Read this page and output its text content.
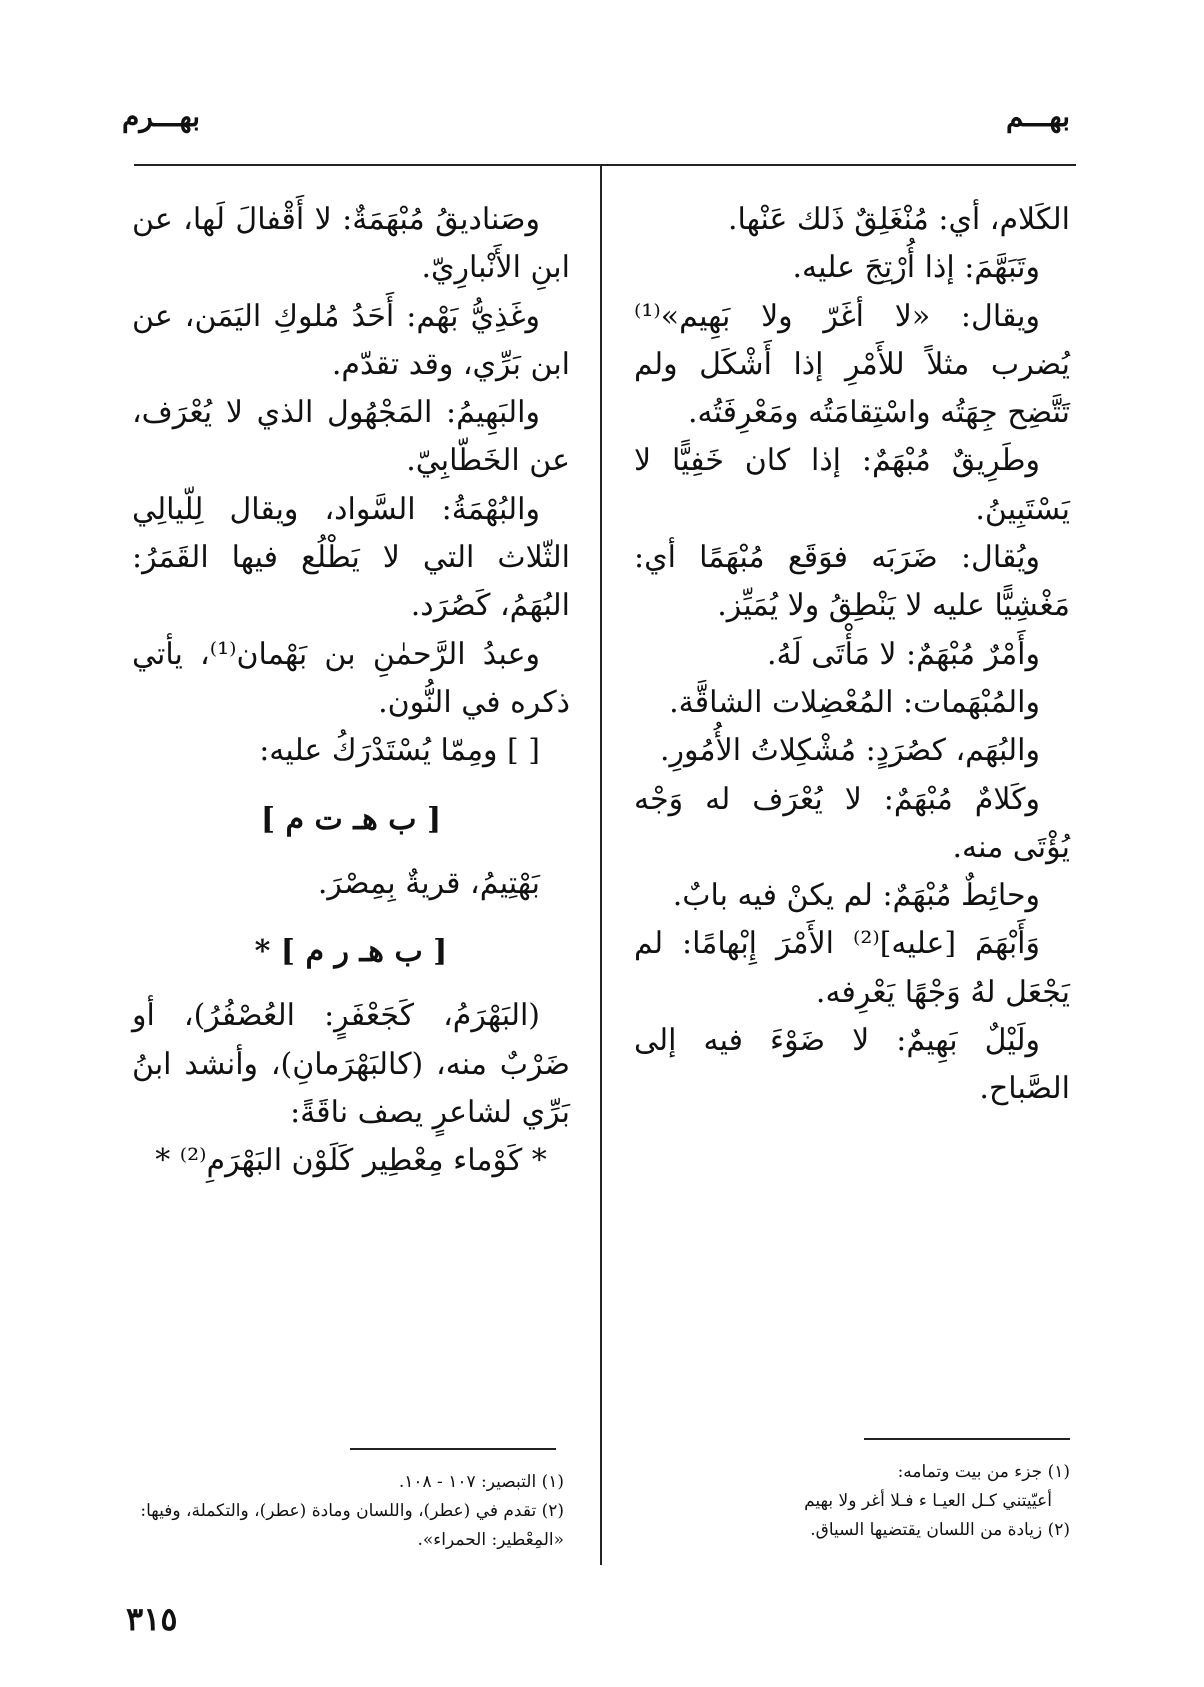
بهـــم
بهـــرم

الكَلام، أي: مُنْغَلِقٌ ذَلك عَنْها.

وتَبَهَّمَ: إذا أُرْتِجَ عليه.

ويقال: «لا أغَرّ ولا بَهِيم»⁽¹⁾ يُضرب مثلاً للأَمْرِ إذا أَشْكَل ولم تَتَّضِح جِهَتُه واسْتِقامَتُه ومَعْرِفَتُه.

وطَرِيقٌ مُبْهَمٌ: إذا كان خَفِيًّا لا يَسْتَبِينُ.

ويُقال: ضَرَبَه فوَقَع مُبْهَمًا أي: مَغْشِيًّا عليه لا يَنْطِقُ ولا يُمَيِّز.

وأَمْرٌ مُبْهَمٌ: لا مَأْتَى لَهُ.

والمُبْهَمات: المُعْضِلات الشاقَّة.

والبُهَم، كصُرَدٍ: مُشْكِلاتُ الأُمُورِ.

وكَلامٌ مُبْهَمٌ: لا يُعْرَف له وَجْه يُؤْتَى منه.

وحائِطٌ مُبْهَمٌ: لم يكنْ فيه بابٌ.

وَأَبْهَمَ [عليه]⁽²⁾ الأَمْرَ إِبْهامًا: لم يَجْعَل لهُ وَجْهًا يَعْرِفه.

ولَيْلٌ بَهِيمٌ: لا ضَوْءَ فيه إلى الصَّباح.

وصَناديقُ مُبْهَمَةٌ: لا أَقْفالَ لَها، عن ابنِ الأَنْبارِيّ.

وغَذِيُّ بَهْم: أَحَدُ مُلوكِ اليَمَن، عن ابن بَرِّي، وقد تقدّم.

والبَهِيمُ: المَجْهُول الذي لا يُعْرَف، عن الخَطّابِيّ.

والبُهْمَةُ: السَّواد، ويقال لِلّيالِي الثّلاث التي لا يَطْلُع فيها القَمَرُ: البُهَمُ، كَصُرَد.

وعبدُ الرَّحمٰنِ بن بَهْمان⁽¹⁾، يأتي ذكره في النُّون.

[ ] ومِمّا يُسْتَدْرَكُ عليه:

[ ب هـ ت م ]

بَهْتِيمُ، قريةٌ بِمِصْرَ.

[ ب هـ ر م ] *

(البَهْرَمُ، كَجَعْفَرٍ: العُصْفُرُ)، أو ضَرْبٌ منه، (كالبَهْرَمانِ)، وأنشد ابنُ بَرِّي لشاعرٍ يصف ناقَةً:

* كَوْماء مِعْطِير كَلَوْن البَهْرَمِ⁽²⁾ *

(١) جزء من بيت وتمامه:

أعيّيتني كـل العيـا ء فـلا أغر ولا بهيم

(٢) زيادة من اللسان يقتضيها السياق.

(١) التبصير: ١٠٧ - ١٠٨.

(٢) تقدم في (عطر)، واللسان ومادة (عطر)، والتكملة، وفيها: «المِعْطير: الحمراء».

٣١٥
